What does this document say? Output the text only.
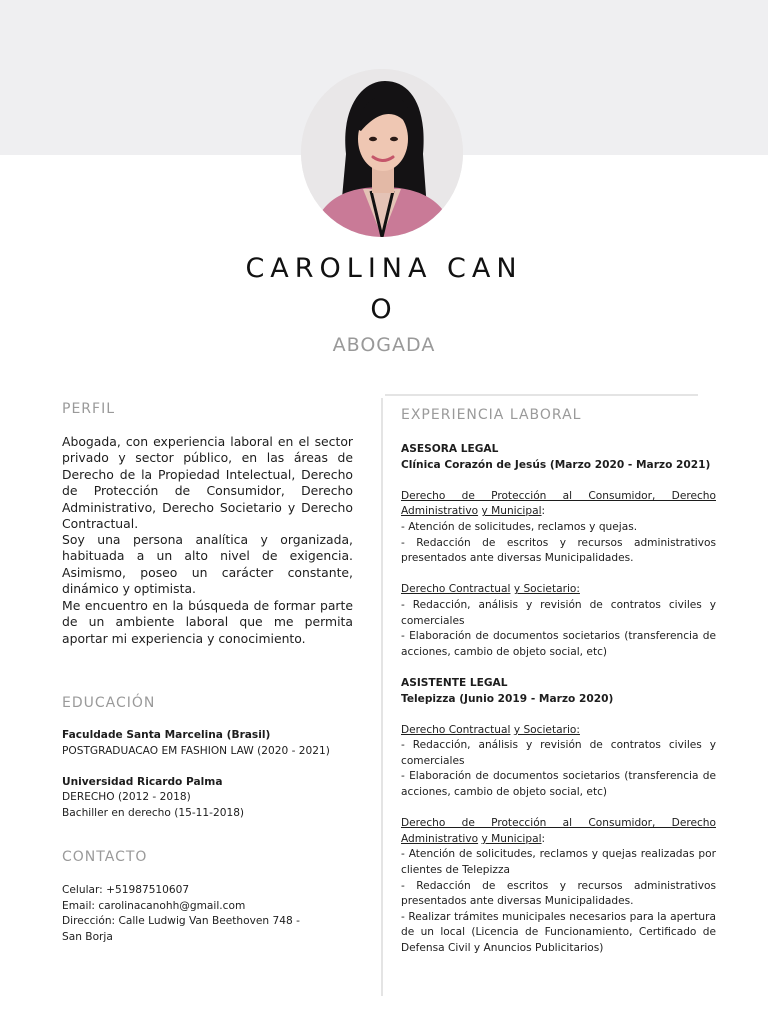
CAROLINA CAN
O
ABOGADA
PERFIL
Abogada, con experiencia laboral en el sector privado y sector público, en las áreas de Derecho de la Propiedad Intelectual, Derecho de Protección de Consumidor, Derecho Administrativo, Derecho Societario y Derecho Contractual.
Soy una persona analítica y organizada, habituada a un alto nivel de exigencia. Asimismo, poseo un carácter constante, dinámico y optimista.
Me encuentro en la búsqueda de formar parte de un ambiente laboral que me permita aportar mi experiencia y conocimiento.
EDUCACIÓN
Faculdade Santa Marcelina (Brasil)
POSTGRADUACAO EM FASHION LAW (2020 - 2021)
Universidad Ricardo Palma
DERECHO (2012 - 2018)
Bachiller en derecho (15-11-2018)
CONTACTO
Celular: +51987510607
Email: carolinacanohh@gmail.com
Dirección: Calle Ludwig Van Beethoven 748 -
San Borja
EXPERIENCIA LABORAL
ASESORA LEGAL
Clínica Corazón de Jesús (Marzo 2020 - Marzo 2021)
Derecho de Protección al Consumidor, Derecho Administrativo y Municipal:
- Atención de solicitudes, reclamos y quejas.
- Redacción de escritos y recursos administrativos presentados ante diversas Municipalidades.
Derecho Contractual y Societario:
- Redacción, análisis y revisión de contratos civiles y comerciales
- Elaboración de documentos societarios (transferencia de acciones, cambio de objeto social, etc)
ASISTENTE LEGAL
Telepizza (Junio 2019 - Marzo 2020)
Derecho Contractual y Societario:
- Redacción, análisis y revisión de contratos civiles y comerciales
- Elaboración de documentos societarios (transferencia de acciones, cambio de objeto social, etc)
Derecho de Protección al Consumidor, Derecho Administrativo y Municipal:
- Atención de solicitudes, reclamos y quejas realizadas por clientes de Telepizza
- Redacción de escritos y recursos administrativos presentados ante diversas Municipalidades.
- Realizar trámites municipales necesarios para la apertura de un local (Licencia de Funcionamiento, Certificado de Defensa Civil y Anuncios Publicitarios)
